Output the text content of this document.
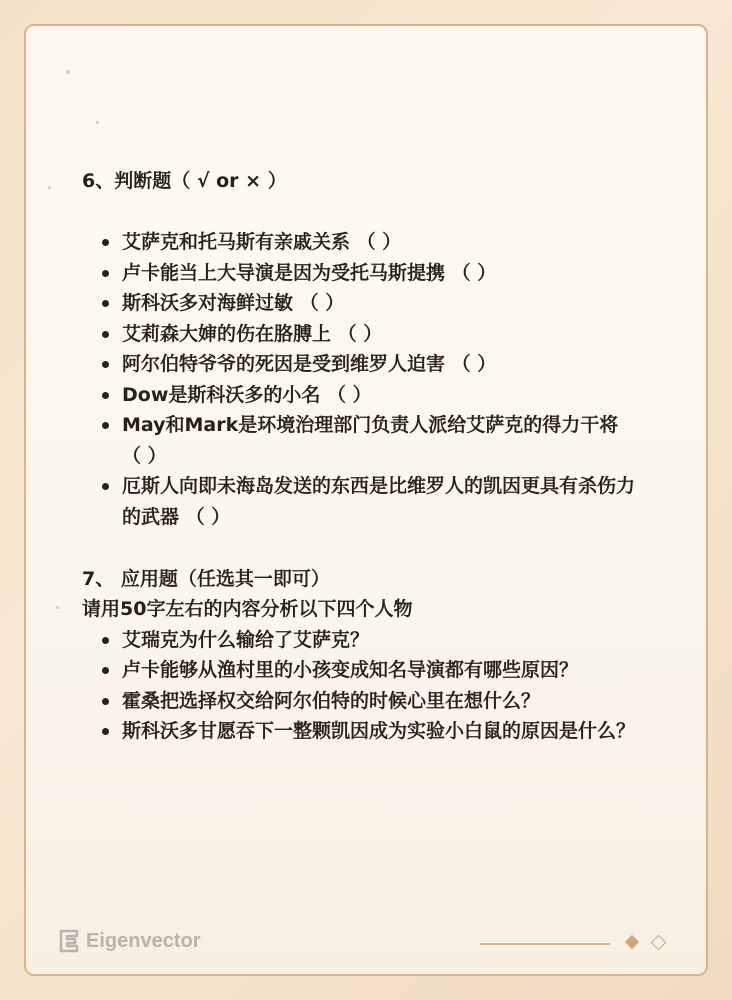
6、判断题（ √ or × ）

艾萨克和托马斯有亲戚关系 （ ）
卢卡能当上大导演是因为受托马斯提携 （ ）
斯科沃多对海鲜过敏 （ ）
艾莉森大婶的伤在胳膊上 （ ）
阿尔伯特爷爷的死因是受到维罗人迫害 （ ）
Dow是斯科沃多的小名 （ ）
May和Mark是环境治理部门负责人派给艾萨克的得力干将 （ ）
厄斯人向即未海岛发送的东西是比维罗人的凯因更具有杀伤力的武器 （ ）

7、 应用题（任选其一即可）

请用50字左右的内容分析以下四个人物

艾瑞克为什么输给了艾萨克？
卢卡能够从渔村里的小孩变成知名导演都有哪些原因？
霍桑把选择权交给阿尔伯特的时候心里在想什么？
斯科沃多甘愿吞下一整颗凯因成为实验小白鼠的原因是什么？
Eigenvector
